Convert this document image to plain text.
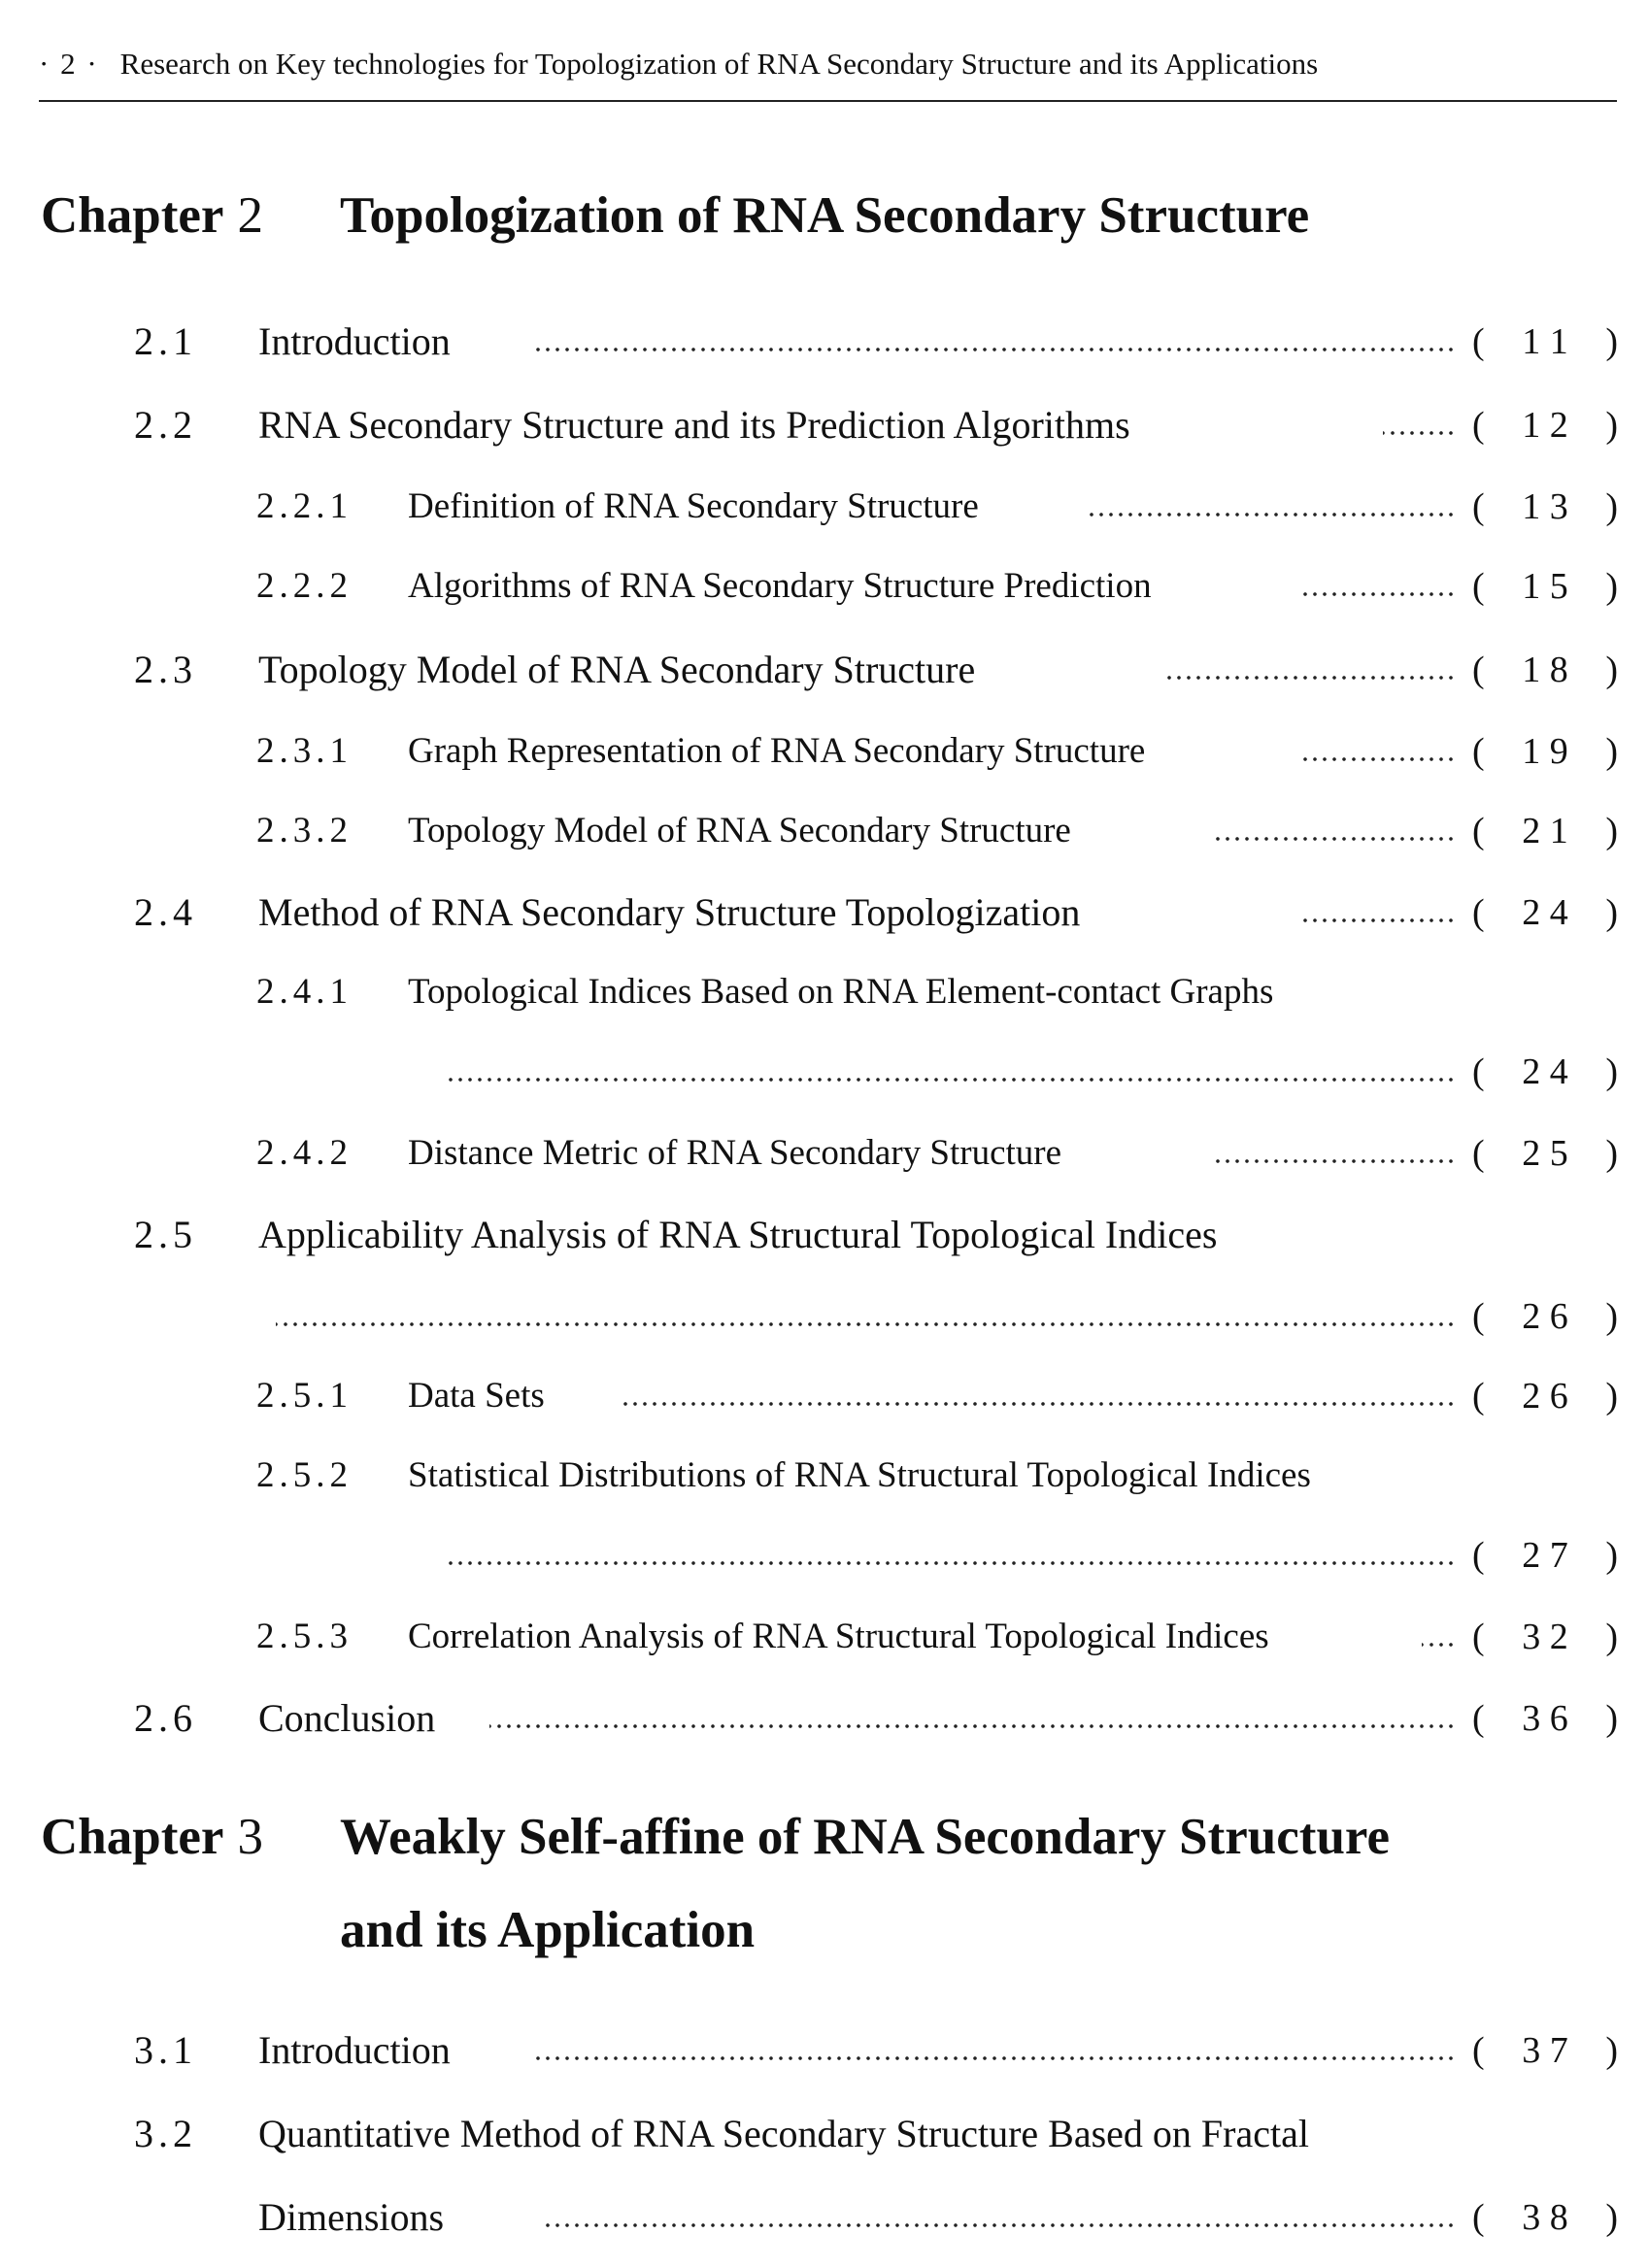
· 2 · Research on Key technologies for Topologization of RNA Secondary Structure and its Applications
Chapter 2 Topologization of RNA Secondary Structure
2.1 Introduction	( 1 1 )
2.2 RNA Secondary Structure and its Prediction Algorithms	( 1 2 )
2.2.1 Definition of RNA Secondary Structure	( 1 3 )
2.2.2 Algorithms of RNA Secondary Structure Prediction	( 1 5 )
2.3 Topology Model of RNA Secondary Structure	( 1 8 )
2.3.1 Graph Representation of RNA Secondary Structure	( 1 9 )
2.3.2 Topology Model of RNA Secondary Structure	( 2 1 )
2.4 Method of RNA Secondary Structure Topologization	( 2 4 )
2.4.1 Topological Indices Based on RNA Element-contact Graphs
( 2 4 )
2.4.2 Distance Metric of RNA Secondary Structure	( 2 5 )
2.5 Applicability Analysis of RNA Structural Topological Indices
( 2 6 )
2.5.1 Data Sets	( 2 6 )
2.5.2 Statistical Distributions of RNA Structural Topological Indices
( 2 7 )
2.5.3 Correlation Analysis of RNA Structural Topological Indices	( 3 2 )
2.6 Conclusion	( 3 6 )
Chapter 3 Weakly Self-affine of RNA Secondary Structure
and its Application
3.1 Introduction	( 3 7 )
3.2 Quantitative Method of RNA Secondary Structure Based on Fractal
Dimensions	( 3 8 )
